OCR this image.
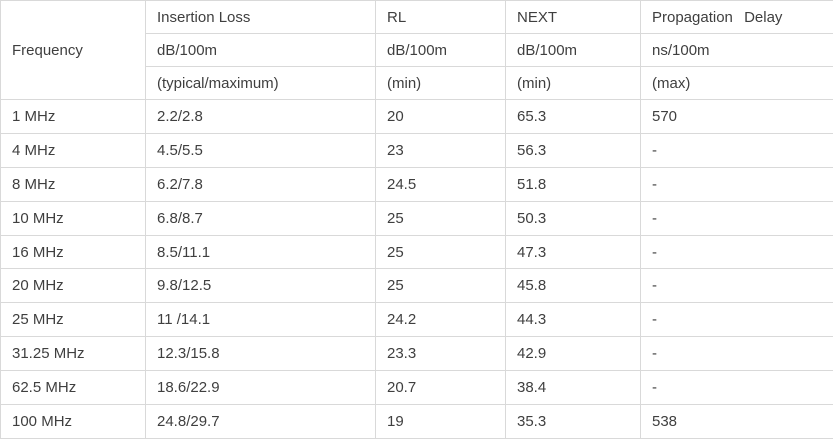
Frequency	Insertion Loss	RL	NEXT	Propagation Delay
	dB/100m	dB/100m	dB/100m	ns/100m
	(typical/maximum)	(min)	(min)	(max)
1 MHz	2.2/2.8	20	65.3	570
4 MHz	4.5/5.5	23	56.3	-
8 MHz	6.2/7.8	24.5	51.8	-
10 MHz	6.8/8.7	25	50.3	-
16 MHz	8.5/11.1	25	47.3	-
20 MHz	9.8/12.5	25	45.8	-
25 MHz	11 /14.1	24.2	44.3	-
31.25 MHz	12.3/15.8	23.3	42.9	-
62.5 MHz	18.6/22.9	20.7	38.4	-
100 MHz	24.8/29.7	19	35.3	538
